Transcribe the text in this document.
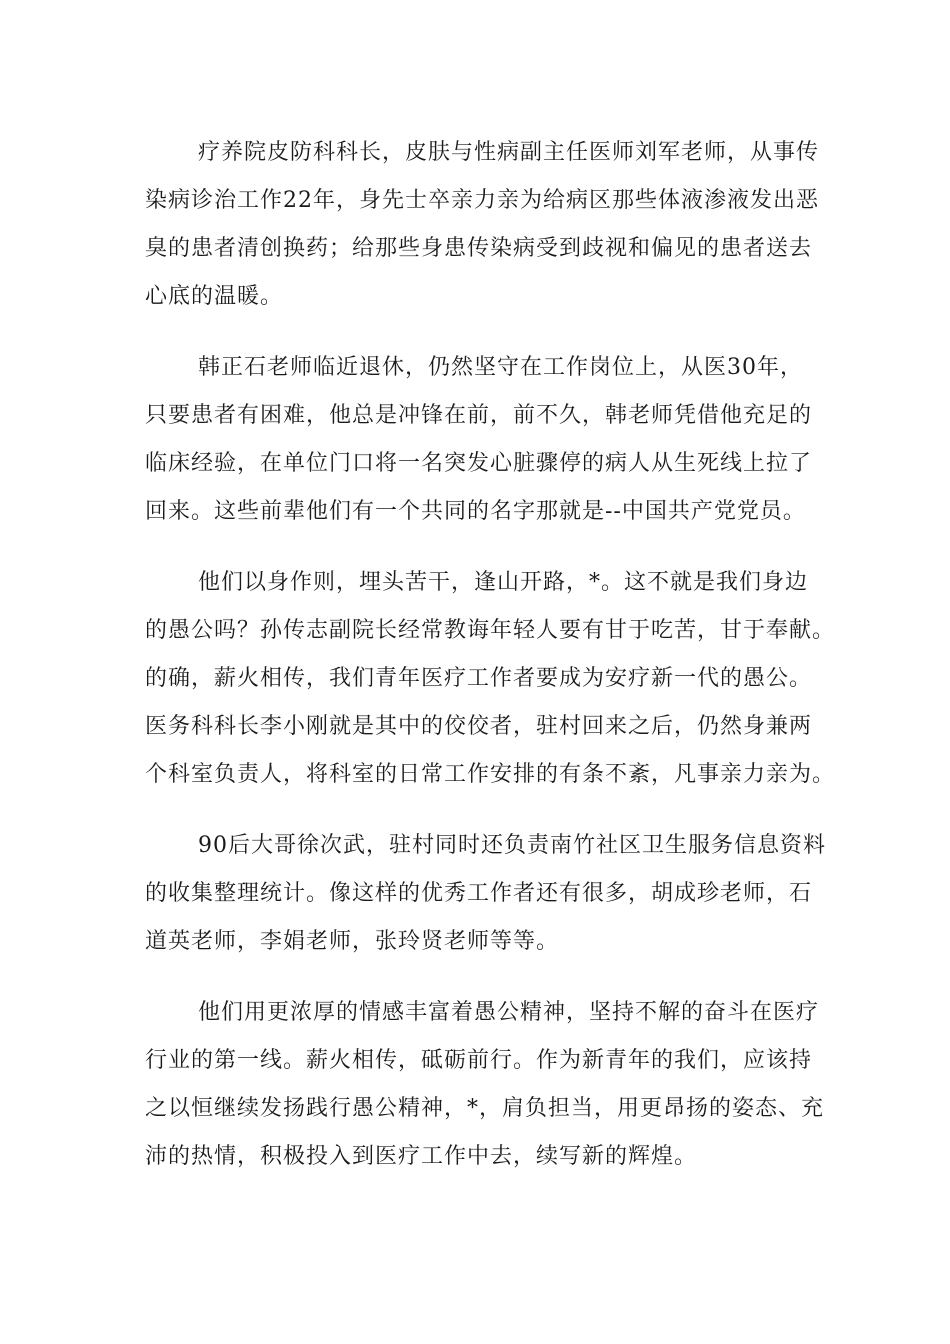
疗养院皮防科科长，皮肤与性病副主任医师刘军老师，从事传
染病诊治工作22年，身先士卒亲力亲为给病区那些体液渗液发出恶
臭的患者清创换药；给那些身患传染病受到歧视和偏见的患者送去
心底的温暖。
韩正石老师临近退休，仍然坚守在工作岗位上，从医30年，
只要患者有困难，他总是冲锋在前，前不久，韩老师凭借他充足的
临床经验，在单位门口将一名突发心脏骤停的病人从生死线上拉了
回来。这些前辈他们有一个共同的名字那就是--中国共产党党员。
他们以身作则，埋头苦干，逢山开路，*。这不就是我们身边
的愚公吗？孙传志副院长经常教诲年轻人要有甘于吃苦，甘于奉献。
的确，薪火相传，我们青年医疗工作者要成为安疗新一代的愚公。
医务科科长李小刚就是其中的佼佼者，驻村回来之后，仍然身兼两
个科室负责人，将科室的日常工作安排的有条不紊，凡事亲力亲为。
90后大哥徐次武，驻村同时还负责南竹社区卫生服务信息资料
的收集整理统计。像这样的优秀工作者还有很多，胡成珍老师，石
道英老师，李娟老师，张玲贤老师等等。
他们用更浓厚的情感丰富着愚公精神，坚持不解的奋斗在医疗
行业的第一线。薪火相传，砥砺前行。作为新青年的我们，应该持
之以恒继续发扬践行愚公精神，*，肩负担当，用更昂扬的姿态、充
沛的热情，积极投入到医疗工作中去，续写新的辉煌。
